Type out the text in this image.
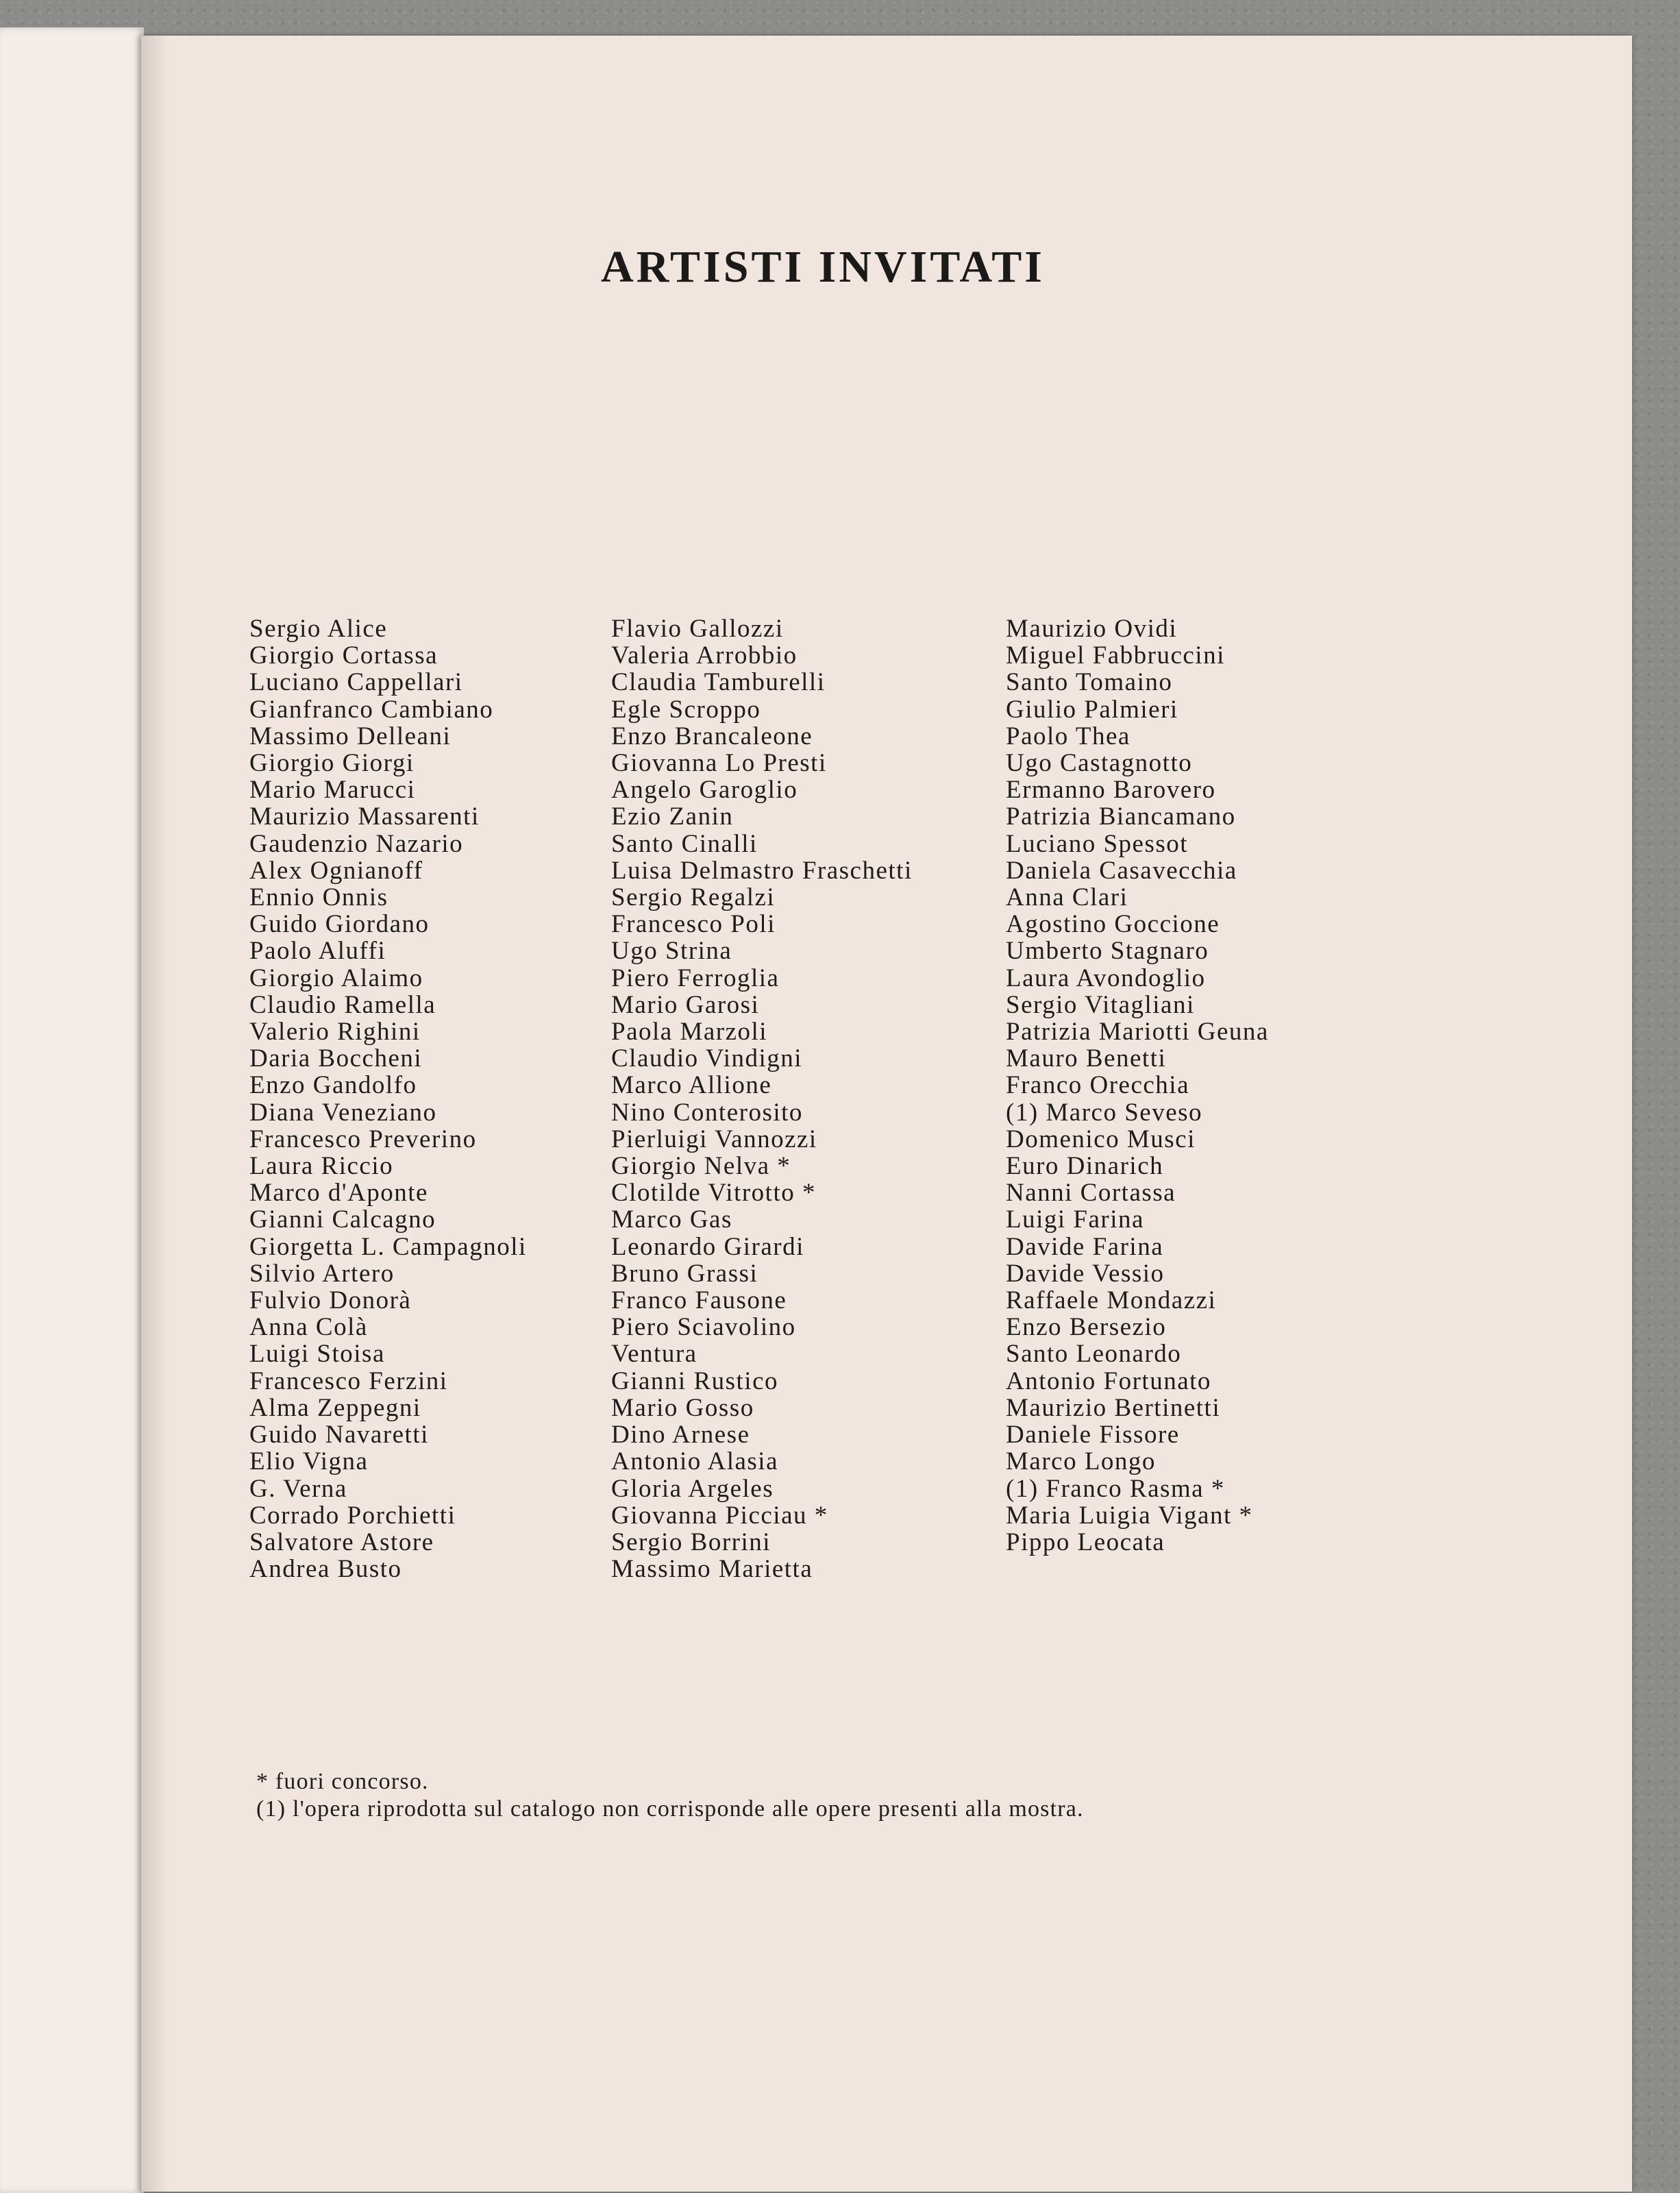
ARTISTI INVITATI
Sergio Alice
Giorgio Cortassa
Luciano Cappellari
Gianfranco Cambiano
Massimo Delleani
Giorgio Giorgi
Mario Marucci
Maurizio Massarenti
Gaudenzio Nazario
Alex Ognianoff
Ennio Onnis
Guido Giordano
Paolo Aluffi
Giorgio Alaimo
Claudio Ramella
Valerio Righini
Daria Boccheni
Enzo Gandolfo
Diana Veneziano
Francesco Preverino
Laura Riccio
Marco d'Aponte
Gianni Calcagno
Giorgetta L. Campagnoli
Silvio Artero
Fulvio Donorà
Anna Colà
Luigi Stoisa
Francesco Ferzini
Alma Zeppegni
Guido Navaretti
Elio Vigna
G. Verna
Corrado Porchietti
Salvatore Astore
Andrea Busto
Flavio Gallozzi
Valeria Arrobbio
Claudia Tamburelli
Egle Scroppo
Enzo Brancaleone
Giovanna Lo Presti
Angelo Garoglio
Ezio Zanin
Santo Cinalli
Luisa Delmastro Fraschetti
Sergio Regalzi
Francesco Poli
Ugo Strina
Piero Ferroglia
Mario Garosi
Paola Marzoli
Claudio Vindigni
Marco Allione
Nino Conterosito
Pierluigi Vannozzi
Giorgio Nelva *
Clotilde Vitrotto *
Marco Gas
Leonardo Girardi
Bruno Grassi
Franco Fausone
Piero Sciavolino
Ventura
Gianni Rustico
Mario Gosso
Dino Arnese
Antonio Alasia
Gloria Argeles
Giovanna Picciau *
Sergio Borrini
Massimo Marietta
Maurizio Ovidi
Miguel Fabbruccini
Santo Tomaino
Giulio Palmieri
Paolo Thea
Ugo Castagnotto
Ermanno Barovero
Patrizia Biancamano
Luciano Spessot
Daniela Casavecchia
Anna Clari
Agostino Goccione
Umberto Stagnaro
Laura Avondoglio
Sergio Vitagliani
Patrizia Mariotti Geuna
Mauro Benetti
Franco Orecchia
(1) Marco Seveso
Domenico Musci
Euro Dinarich
Nanni Cortassa
Luigi Farina
Davide Farina
Davide Vessio
Raffaele Mondazzi
Enzo Bersezio
Santo Leonardo
Antonio Fortunato
Maurizio Bertinetti
Daniele Fissore
Marco Longo
(1) Franco Rasma *
Maria Luigia Vigant *
Pippo Leocata

* fuori concorso.

(1) l'opera riprodotta sul catalogo non corrisponde alle opere presenti alla mostra.
